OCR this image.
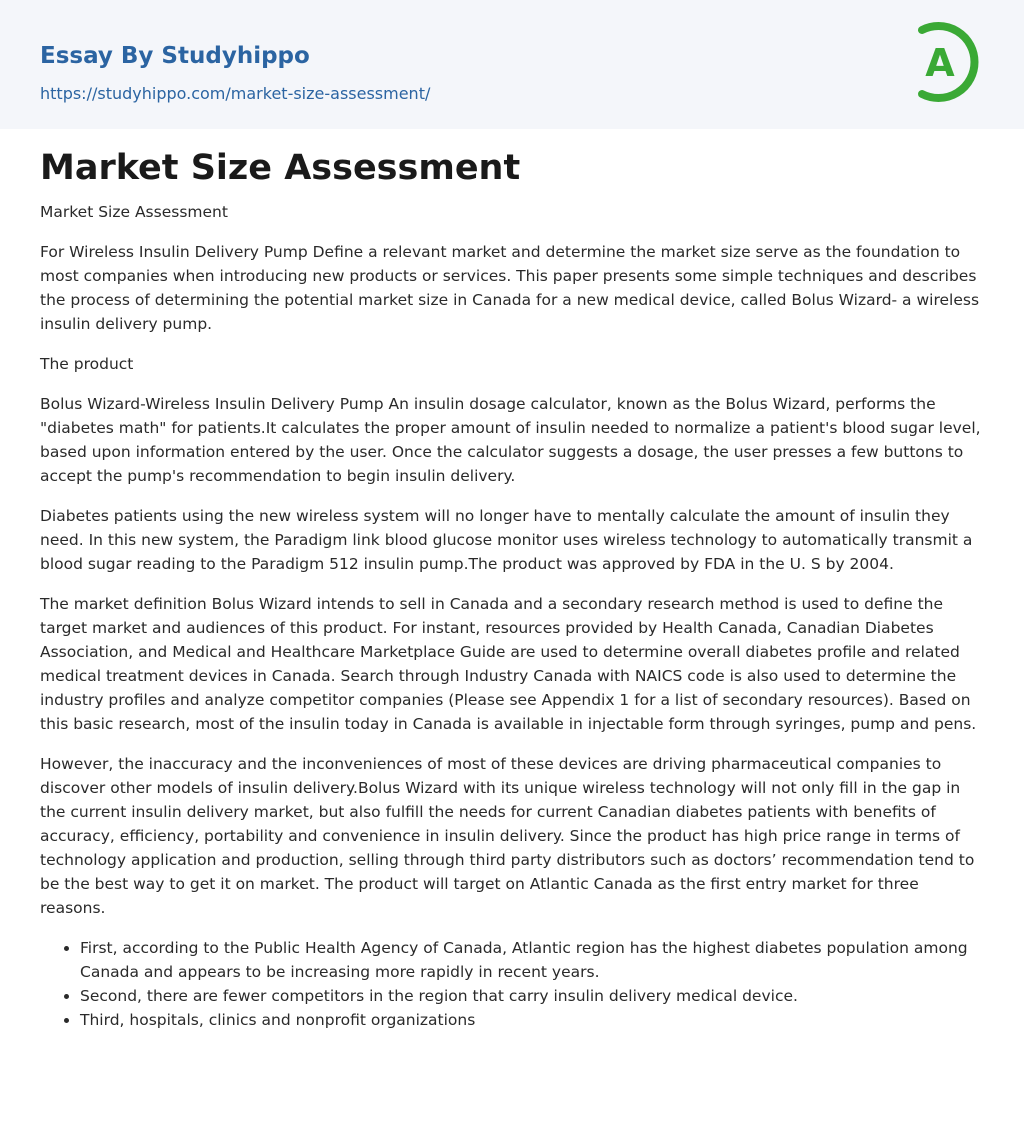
Essay By Studyhippo
https://studyhippo.com/market-size-assessment/
A
Market Size Assessment

Market Size Assessment

For Wireless Insulin Delivery Pump Define a relevant market and determine the market size serve as the foundation to most companies when introducing new products or services. This paper presents some simple techniques and describes the process of determining the potential market size in Canada for a new medical device, called Bolus Wizard- a wireless insulin delivery pump.

The product

Bolus Wizard-Wireless Insulin Delivery Pump An insulin dosage calculator, known as the Bolus Wizard, performs the "diabetes math" for patients.It calculates the proper amount of insulin needed to normalize a patient's blood sugar level, based upon information entered by the user. Once the calculator suggests a dosage, the user presses a few buttons to accept the pump's recommendation to begin insulin delivery.

Diabetes patients using the new wireless system will no longer have to mentally calculate the amount of insulin they need. In this new system, the Paradigm link blood glucose monitor uses wireless technology to automatically transmit a blood sugar reading to the Paradigm 512 insulin pump.The product was approved by FDA in the U. S by 2004.

The market definition Bolus Wizard intends to sell in Canada and a secondary research method is used to define the target market and audiences of this product. For instant, resources provided by Health Canada, Canadian Diabetes Association, and Medical and Healthcare Marketplace Guide are used to determine overall diabetes profile and related medical treatment devices in Canada. Search through Industry Canada with NAICS code is also used to determine the industry profiles and analyze competitor companies (Please see Appendix 1 for a list of secondary resources). Based on this basic research, most of the insulin today in Canada is available in injectable form through syringes, pump and pens.

However, the inaccuracy and the inconveniences of most of these devices are driving pharmaceutical companies to discover other models of insulin delivery.Bolus Wizard with its unique wireless technology will not only fill in the gap in the current insulin delivery market, but also fulfill the needs for current Canadian diabetes patients with benefits of accuracy, efficiency, portability and convenience in insulin delivery. Since the product has high price range in terms of technology application and production, selling through third party distributors such as doctors’ recommendation tend to be the best way to get it on market. The product will target on Atlantic Canada as the first entry market for three reasons.

• First, according to the Public Health Agency of Canada, Atlantic region has the highest diabetes population among Canada and appears to be increasing more rapidly in recent years.
• Second, there are fewer competitors in the region that carry insulin delivery medical device.
• Third, hospitals, clinics and nonprofit organizations
